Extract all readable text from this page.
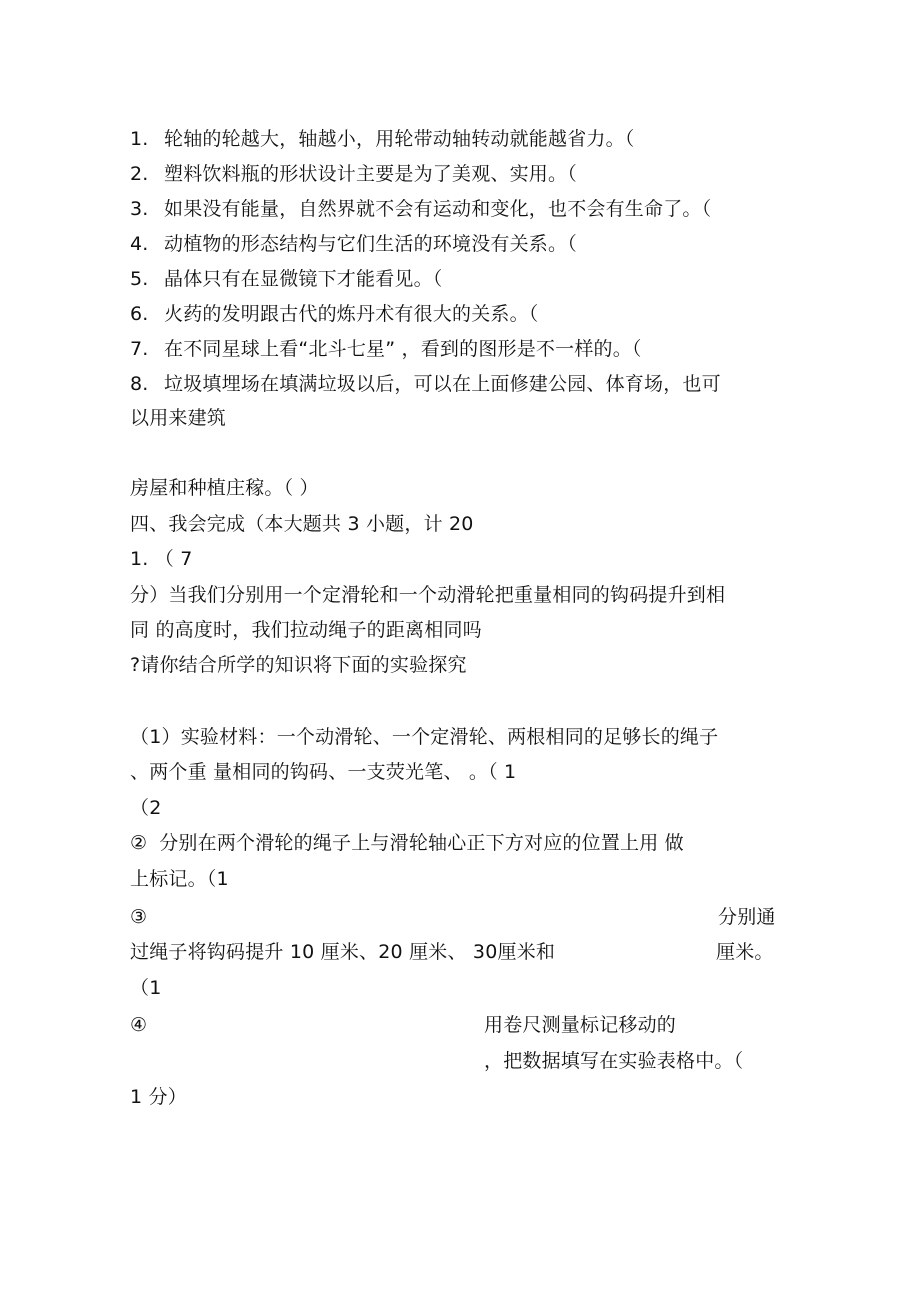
1. 轮轴的轮越大，轴越小，用轮带动轴转动就能越省力。（
2. 塑料饮料瓶的形状设计主要是为了美观、实用。（
3. 如果没有能量，自然界就不会有运动和变化，也不会有生命了。（
4. 动植物的形态结构与它们生活的环境没有关系。（
5. 晶体只有在显微镜下才能看见。（
6. 火药的发明跟古代的炼丹术有很大的关系。（
7. 在不同星球上看“北斗七星” ，看到的图形是不一样的。（
8. 垃圾填埋场在填满垃圾以后，可以在上面修建公园、体育场，也可
以用来建筑
房屋和种植庄稼。（ ）
四、我会完成（本大题共 3 小题，计 20
1. （ 7
分）当我们分别用一个定滑轮和一个动滑轮把重量相同的钩码提升到相
同 的高度时，我们拉动绳子的距离相同吗
?请你结合所学的知识将下面的实验探究
（1）实验材料：一个动滑轮、一个定滑轮、两根相同的足够长的绳子
、两个重 量相同的钩码、一支荧光笔、 。（ 1
（2
② 分别在两个滑轮的绳子上与滑轮轴心正下方对应的位置上用 做
上标记。（1
③	分别通
过绳子将钩码提升 10 厘米、20 厘米、 30厘米和	厘米。
（1
④	用卷尺测量标记移动的
，把数据填写在实验表格中。（
1 分）
